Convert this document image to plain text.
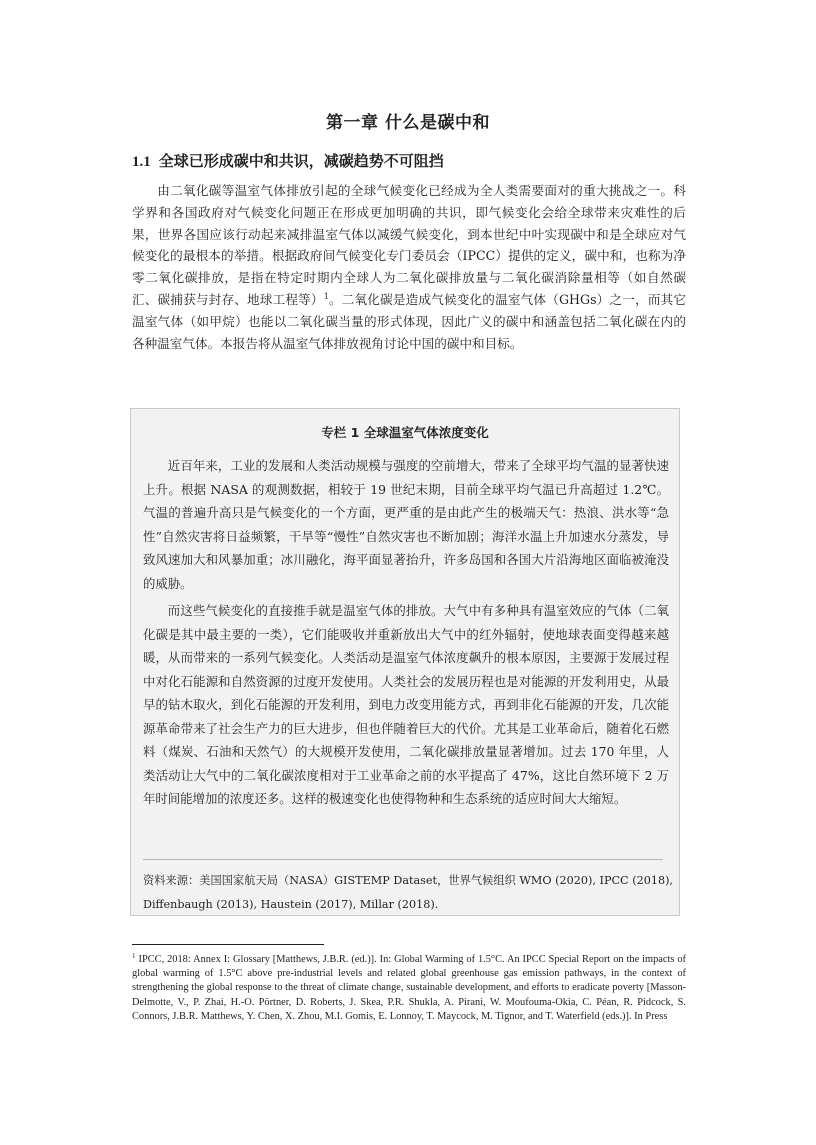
第一章 什么是碳中和
1.1 全球已形成碳中和共识，减碳趋势不可阻挡

由二氧化碳等温室气体排放引起的全球气候变化已经成为全人类需要面对的重大挑战之一。科学界和各国政府对气候变化问题正在形成更加明确的共识，即气候变化会给全球带来灾难性的后果，世界各国应该行动起来减排温室气体以减缓气候变化，到本世纪中叶实现碳中和是全球应对气候变化的最根本的举措。根据政府间气候变化专门委员会（IPCC）提供的定义，碳中和，也称为净零二氧化碳排放，是指在特定时期内全球人为二氧化碳排放量与二氧化碳消除量相等（如自然碳汇、碳捕获与封存、地球工程等）$^1$。二氧化碳是造成气候变化的温室气体（GHGs）之一，而其它温室气体（如甲烷）也能以二氧化碳当量的形式体现，因此广义的碳中和涵盖包括二氧化碳在内的各种温室气体。本报告将从温室气体排放视角讨论中国的碳中和目标。

专栏 1 全球温室气体浓度变化

近百年来，工业的发展和人类活动规模与强度的空前增大，带来了全球平均气温的显著快速上升。根据 NASA 的观测数据，相较于 19 世纪末期，目前全球平均气温已升高超过 1.2℃。气温的普遍升高只是气候变化的一个方面，更严重的是由此产生的极端天气：热浪、洪水等“急性”自然灾害将日益频繁，干旱等“慢性”自然灾害也不断加剧；海洋水温上升加速水分蒸发，导致风速加大和风暴加重；冰川融化，海平面显著抬升，许多岛国和各国大片沿海地区面临被淹没的威胁。

而这些气候变化的直接推手就是温室气体的排放。大气中有多种具有温室效应的气体（二氧化碳是其中最主要的一类），它们能吸收并重新放出大气中的红外辐射，使地球表面变得越来越暖，从而带来的一系列气候变化。人类活动是温室气体浓度飙升的根本原因，主要源于发展过程中对化石能源和自然资源的过度开发使用。人类社会的发展历程也是对能源的开发利用史，从最早的钻木取火，到化石能源的开发利用，到电力改变用能方式，再到非化石能源的开发，几次能源革命带来了社会生产力的巨大进步，但也伴随着巨大的代价。尤其是工业革命后，随着化石燃料（煤炭、石油和天然气）的大规模开发使用，二氧化碳排放量显著增加。过去 170 年里，人类活动让大气中的二氧化碳浓度相对于工业革命之前的水平提高了 47%，这比自然环境下 2 万年时间能增加的浓度还多。这样的极速变化也使得物种和生态系统的适应时间大大缩短。

资料来源：美国国家航天局（NASA）GISTEMP Dataset，世界气候组织 WMO (2020), IPCC (2018), Diffenbaugh (2013), Haustein (2017), Millar (2018).

$^1$ IPCC, 2018: Annex I: Glossary [Matthews, J.B.R. (ed.)]. In: Global Warming of 1.5°C. An IPCC Special Report on the impacts of global warming of 1.5°C above pre-industrial levels and related global greenhouse gas emission pathways, in the context of strengthening the global response to the threat of climate change, sustainable development, and efforts to eradicate poverty [Masson-Delmotte, V., P. Zhai, H.-O. Pörtner, D. Roberts, J. Skea, P.R. Shukla, A. Pirani, W. Moufouma-Okia, C. Péan, R. Pidcock, S. Connors, J.B.R. Matthews, Y. Chen, X. Zhou, M.I. Gomis, E. Lonnoy, T. Maycock, M. Tignor, and T. Waterfield (eds.)]. In Press
